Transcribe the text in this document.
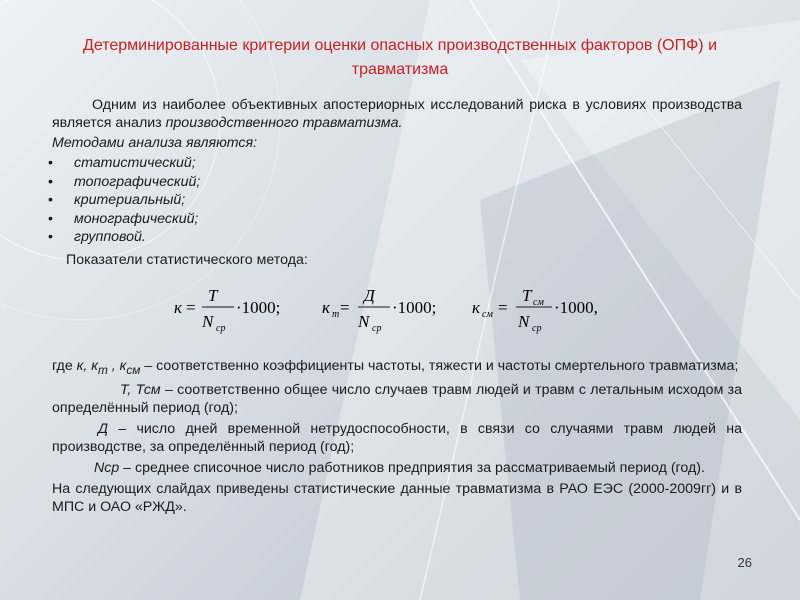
Детерминированные критерии оценки опасных производственных факторов (ОПФ) и травматизма

Одним из наиболее объективных апостериорных исследований риска в условиях производства является анализ производственного травматизма.

Методами анализа являются:
• статистический;
• топографический;
• критериальный;
• монографический;
• групповой.
Показатели статистического метода:
к =
Т
N ср
·1000; к т =
Д
N ср
·1000; к см =
Т см
N ср
·1000,

где к, $к_т$ , $к_{см}$ – соответственно коэффициенты частоты, тяжести и частоты смертельного травматизма;

Т, Тсм – соответственно общее число случаев травм людей и травм с летальным исходом за определённый период (год);

Д – число дней временной нетрудоспособности, в связи со случаями травм людей на производстве, за определённый период (год);

Nср – среднее списочное число работников предприятия за рассматриваемый период (год).

На следующих слайдах приведены статистические данные травматизма в РАО ЕЭС (2000-2009гг) и в МПС и ОАО «РЖД».

26
